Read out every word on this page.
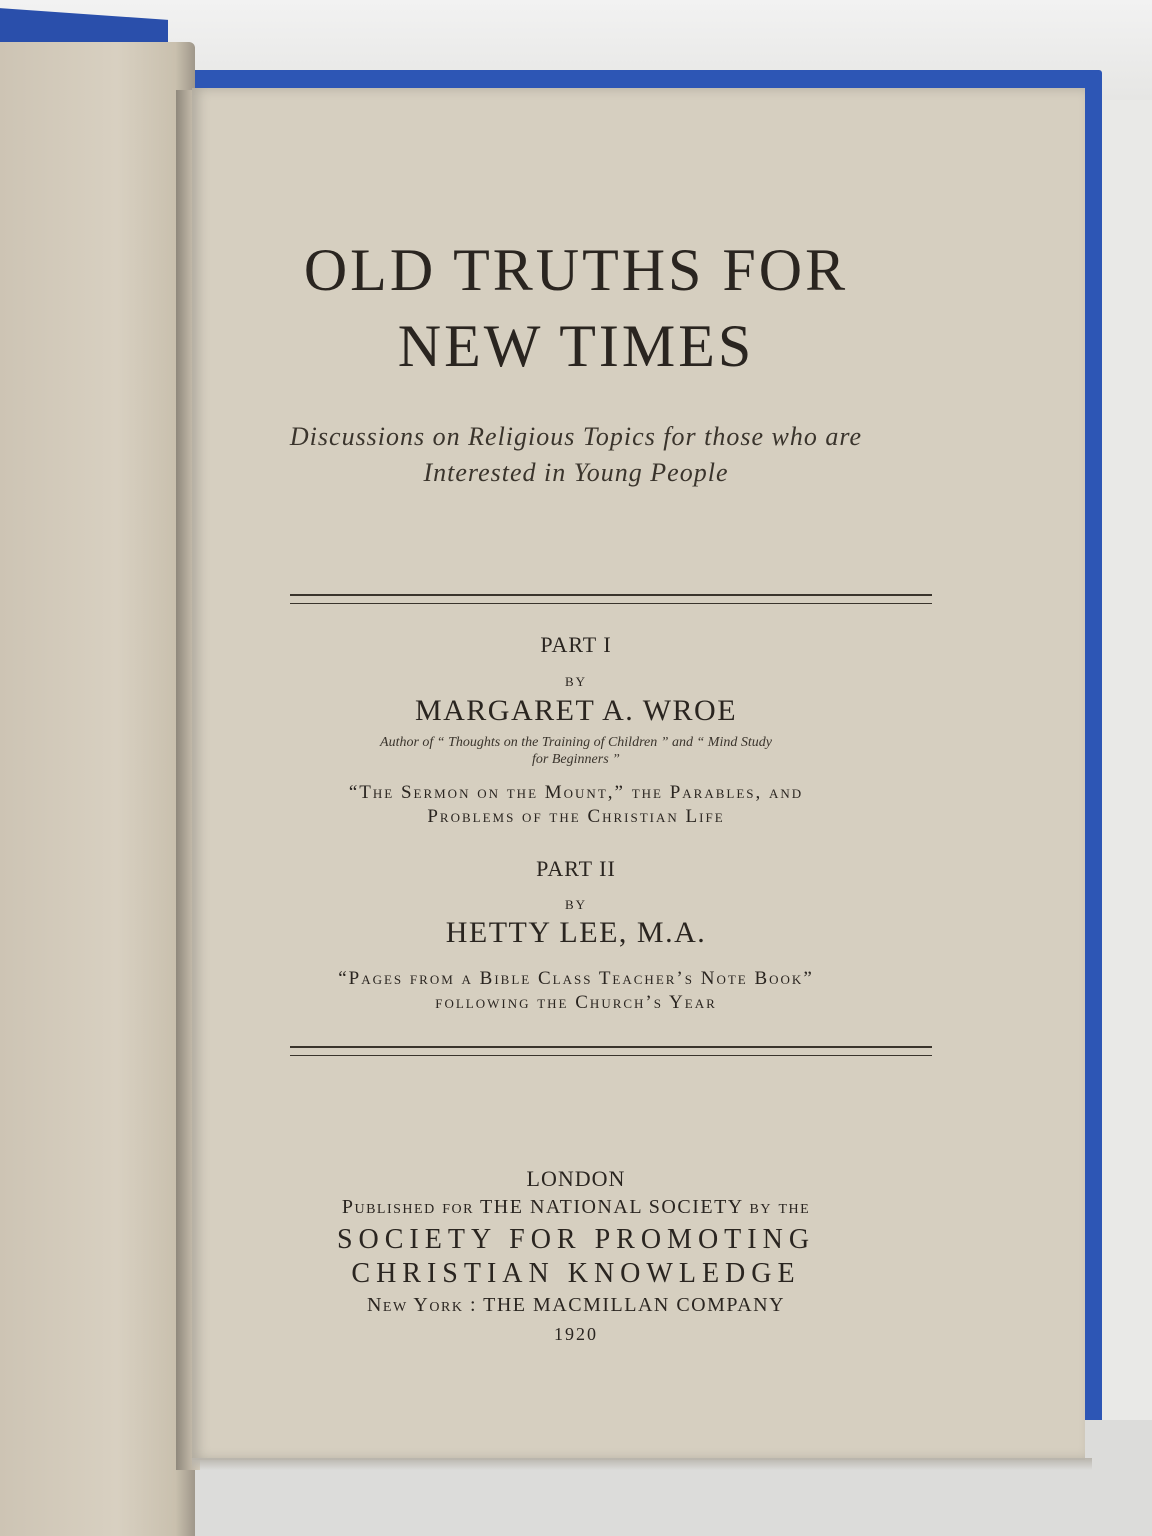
OLD TRUTHS FOR
NEW TIMES
Discussions on Religious Topics for those who are
Interested in Young People
PART I
BY
MARGARET A. WROE
Author of “ Thoughts on the Training of Children ” and “ Mind Study
for Beginners ”
“The Sermon on the Mount,” the Parables, and
Problems of the Christian Life
PART II
BY
HETTY LEE, M.A.
“Pages from a Bible Class Teacher’s Note Book”
following the Church’s Year
LONDON
Published for THE NATIONAL SOCIETY by the
SOCIETY FOR PROMOTING
CHRISTIAN KNOWLEDGE
New York : THE MACMILLAN COMPANY
1920
